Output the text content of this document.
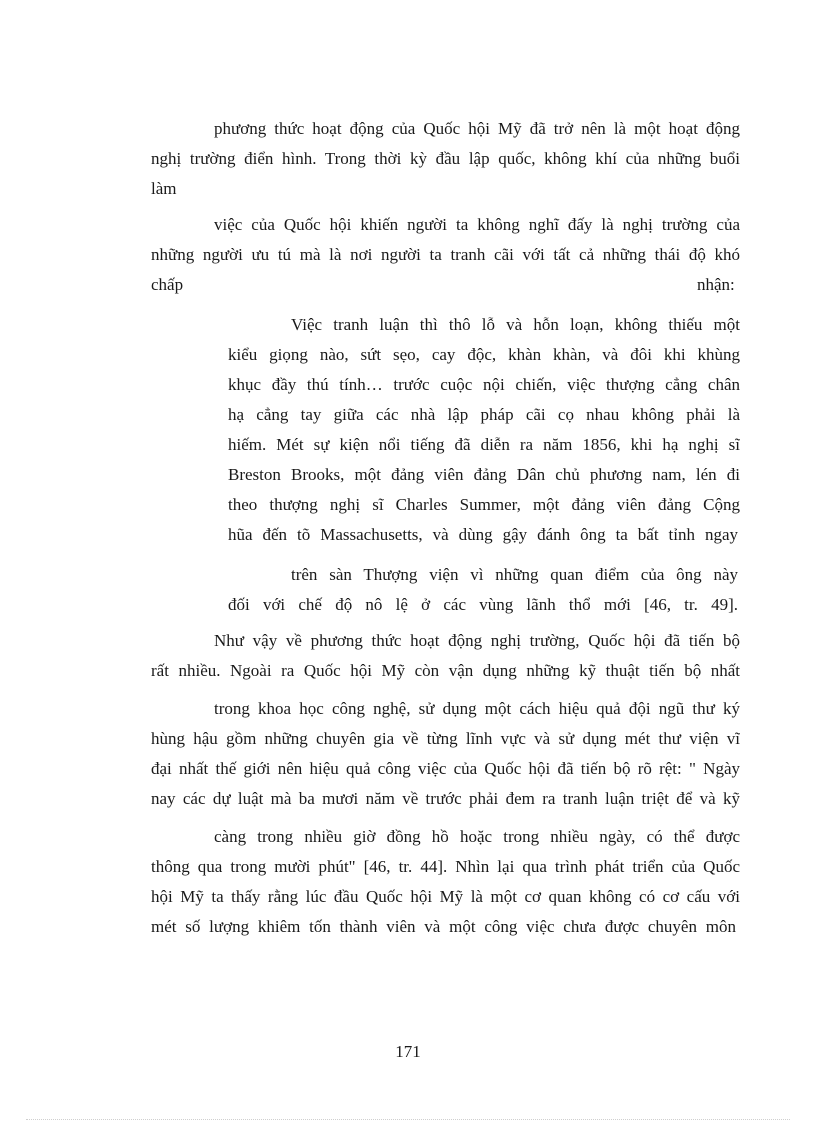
phương thức hoạt động của Quốc hội Mỹ đã trở nên là một hoạt động
nghị trường điển hình. Trong thời kỳ đầu lập quốc, không khí của những buổi
làm
việc của Quốc hội khiến người ta không nghĩ đấy là nghị trường của
những người ưu tú mà là nơi người ta tranh cãi với tất cả những thái độ khó
chấp	nhận:
Việc tranh luận thì thô lỗ và hỗn loạn, không thiếu một
kiểu giọng nào, sứt sẹo, cay độc, khàn khàn, và đôi khi khùng
khục đầy thú tính… trước cuộc nội chiến, việc thượng cẳng chân
hạ cẳng tay giữa các nhà lập pháp cãi cọ nhau không phải là
hiếm. Mét sự kiện nổi tiếng đã diễn ra năm 1856, khi hạ nghị sĩ
Breston Brooks, một đảng viên đảng Dân chủ phương nam, lén đi
theo thượng nghị sĩ Charles Summer, một đảng viên đảng Cộng
hũa đến tõ Massachusetts, và dùng gậy đánh ông ta bất tỉnh ngay
trên sàn Thượng viện vì những quan điểm của ông này
đối với chế độ nô lệ ở các vùng lãnh thổ mới [46, tr. 49].
Như vậy về phương thức hoạt động nghị trường, Quốc hội đã tiến bộ
rất nhiều. Ngoài ra Quốc hội Mỹ còn vận dụng những kỹ thuật tiến bộ nhất
trong khoa học công nghệ, sử dụng một cách hiệu quả đội ngũ thư ký
hùng hậu gồm những chuyên gia về từng lĩnh vực và sử dụng mét thư viện vĩ
đại nhất thế giới nên hiệu quả công việc của Quốc hội đã tiến bộ rõ rệt: " Ngày
nay các dự luật mà ba mươi năm về trước phải đem ra tranh luận triệt để và kỹ
càng trong nhiều giờ đồng hồ hoặc trong nhiều ngày, có thể được
thông qua trong mười phút" [46, tr. 44]. Nhìn lại qua trình phát triển của Quốc
hội Mỹ ta thấy rằng lúc đầu Quốc hội Mỹ là một cơ quan không có cơ cấu với
mét số lượng khiêm tốn thành viên và một công việc chưa được chuyên môn
171
